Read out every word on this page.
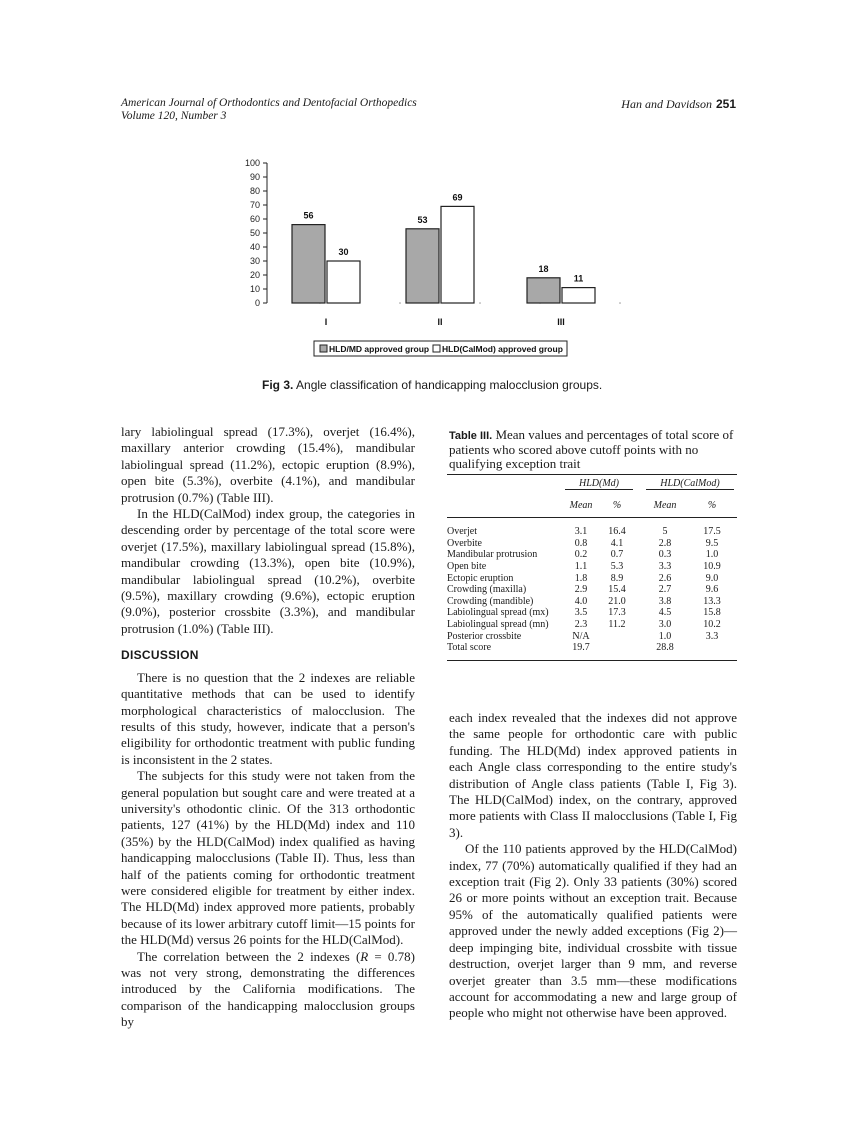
American Journal of Orthodontics and Dentofacial Orthopedics
Volume 120, Number 3
Han and Davidson 251
0
10
20
30
40
50
60
70
80
90
100
56
30
I
53
69
II
18
11
III
HLD/MD approved group HLD(CalMod) approved group
Fig 3. Angle classification of handicapping malocclusion groups.

lary labiolingual spread (17.3%), overjet (16.4%), maxillary anterior crowding (15.4%), mandibular labiolingual spread (11.2%), ectopic eruption (8.9%), open bite (5.3%), overbite (4.1%), and mandibular protrusion (0.7%) (Table III).

In the HLD(CalMod) index group, the categories in descending order by percentage of the total score were overjet (17.5%), maxillary labiolingual spread (15.8%), mandibular crowding (13.3%), open bite (10.9%), mandibular labiolingual spread (10.2%), overbite (9.5%), maxillary crowding (9.6%), ectopic eruption (9.0%), posterior crossbite (3.3%), and mandibular protrusion (1.0%) (Table III).

DISCUSSION

There is no question that the 2 indexes are reliable quantitative methods that can be used to identify morphological characteristics of malocclusion. The results of this study, however, indicate that a person's eligibility for orthodontic treatment with public funding is inconsistent in the 2 states.

The subjects for this study were not taken from the general population but sought care and were treated at a university's othodontic clinic. Of the 313 orthodontic patients, 127 (41%) by the HLD(Md) index and 110 (35%) by the HLD(CalMod) index qualified as having handicapping malocclusions (Table II). Thus, less than half of the patients coming for orthodontic treatment were considered eligible for treatment by either index. The HLD(Md) index approved more patients, probably because of its lower arbitrary cutoff limit—15 points for the HLD(Md) versus 26 points for the HLD(CalMod).

The correlation between the 2 indexes (R = 0.78) was not very strong, demonstrating the differences introduced by the California modifications. The comparison of the handicapping malocclusion groups by

Table III. Mean values and percentages of total score of patients who scored above cutoff points with no qualifying exception trait
	HLD(Md)			HLD(CalMod)	
	Mean	%		Mean	%
Overjet	3.1	16.4		5	17.5
Overbite	0.8	4.1		2.8	9.5
Mandibular protrusion	0.2	0.7		0.3	1.0
Open bite	1.1	5.3		3.3	10.9
Ectopic eruption	1.8	8.9		2.6	9.0
Crowding (maxilla)	2.9	15.4		2.7	9.6
Crowding (mandible)	4.0	21.0		3.8	13.3
Labiolingual spread (mx)	3.5	17.3		4.5	15.8
Labiolingual spread (mn)	2.3	11.2		3.0	10.2
Posterior crossbite	N/A			1.0	3.3
Total score	19.7			28.8	

each index revealed that the indexes did not approve the same people for orthodontic care with public funding. The HLD(Md) index approved patients in each Angle class corresponding to the entire study's distribution of Angle class patients (Table I, Fig 3). The HLD(CalMod) index, on the contrary, approved more patients with Class II malocclusions (Table I, Fig 3).

Of the 110 patients approved by the HLD(CalMod) index, 77 (70%) automatically qualified if they had an exception trait (Fig 2). Only 33 patients (30%) scored 26 or more points without an exception trait. Because 95% of the automatically qualified patients were approved under the newly added exceptions (Fig 2)—deep impinging bite, individual crossbite with tissue destruction, overjet larger than 9 mm, and reverse overjet greater than 3.5 mm—these modifications account for accommodating a new and large group of people who might not otherwise have been approved.
